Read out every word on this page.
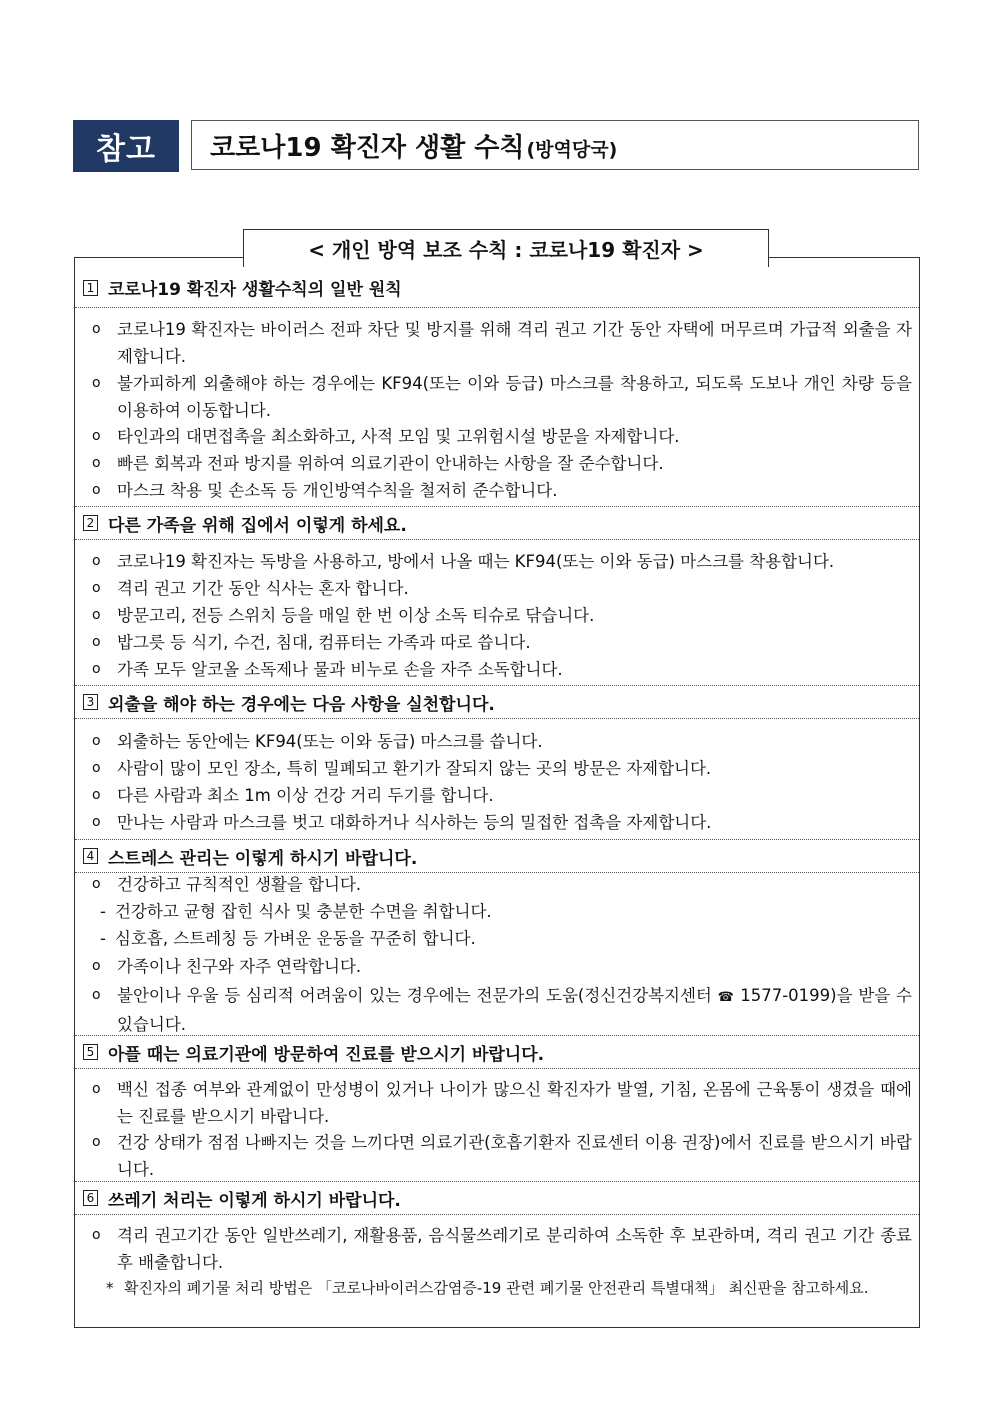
참고	코로나19 확진자 생활 수칙 (방역당국)
< 개인 방역 보조 수칙 : 코로나19 확진자 >
1 코로나19 확진자 생활수칙의 일반 원칙
o 코로나19 확진자는 바이러스 전파 차단 및 방지를 위해 격리 권고 기간 동안 자택에 머무르며 가급적 외출을 자제합니다.
o 불가피하게 외출해야 하는 경우에는 KF94(또는 이와 등급) 마스크를 착용하고, 되도록 도보나 개인 차량 등을 이용하여 이동합니다.
o 타인과의 대면접촉을 최소화하고, 사적 모임 및 고위험시설 방문을 자제합니다.
o 빠른 회복과 전파 방지를 위하여 의료기관이 안내하는 사항을 잘 준수합니다.
o 마스크 착용 및 손소독 등 개인방역수칙을 철저히 준수합니다.
2 다른 가족을 위해 집에서 이렇게 하세요.
o 코로나19 확진자는 독방을 사용하고, 방에서 나올 때는 KF94(또는 이와 동급) 마스크를 착용합니다.
o 격리 권고 기간 동안 식사는 혼자 합니다.
o 방문고리, 전등 스위치 등을 매일 한 번 이상 소독 티슈로 닦습니다.
o 밥그릇 등 식기, 수건, 침대, 컴퓨터는 가족과 따로 씁니다.
o 가족 모두 알코올 소독제나 물과 비누로 손을 자주 소독합니다.
3 외출을 해야 하는 경우에는 다음 사항을 실천합니다.
o 외출하는 동안에는 KF94(또는 이와 동급) 마스크를 씁니다.
o 사람이 많이 모인 장소, 특히 밀폐되고 환기가 잘되지 않는 곳의 방문은 자제합니다.
o 다른 사람과 최소 1m 이상 건강 거리 두기를 합니다.
o 만나는 사람과 마스크를 벗고 대화하거나 식사하는 등의 밀접한 접촉을 자제합니다.
4 스트레스 관리는 이렇게 하시기 바랍니다.
o 건강하고 규칙적인 생활을 합니다.
- 건강하고 균형 잡힌 식사 및 충분한 수면을 취합니다.
- 심호흡, 스트레칭 등 가벼운 운동을 꾸준히 합니다.
o 가족이나 친구와 자주 연락합니다.
o 불안이나 우울 등 심리적 어려움이 있는 경우에는 전문가의 도움(정신건강복지센터 ☎ 1577-0199)을 받을 수 있습니다.
5 아플 때는 의료기관에 방문하여 진료를 받으시기 바랍니다.
o 백신 접종 여부와 관계없이 만성병이 있거나 나이가 많으신 확진자가 발열, 기침, 온몸에 근육통이 생겼을 때에는 진료를 받으시기 바랍니다.
o 건강 상태가 점점 나빠지는 것을 느끼다면 의료기관(호흡기환자 진료센터 이용 권장)에서 진료를 받으시기 바랍니다.
6 쓰레기 처리는 이렇게 하시기 바랍니다.
o 격리 권고기간 동안 일반쓰레기, 재활용품, 음식물쓰레기로 분리하여 소독한 후 보관하며, 격리 권고 기간 종료 후 배출합니다.
* 확진자의 폐기물 처리 방법은 「코로나바이러스감염증-19 관련 폐기물 안전관리 특별대책」 최신판을 참고하세요.
